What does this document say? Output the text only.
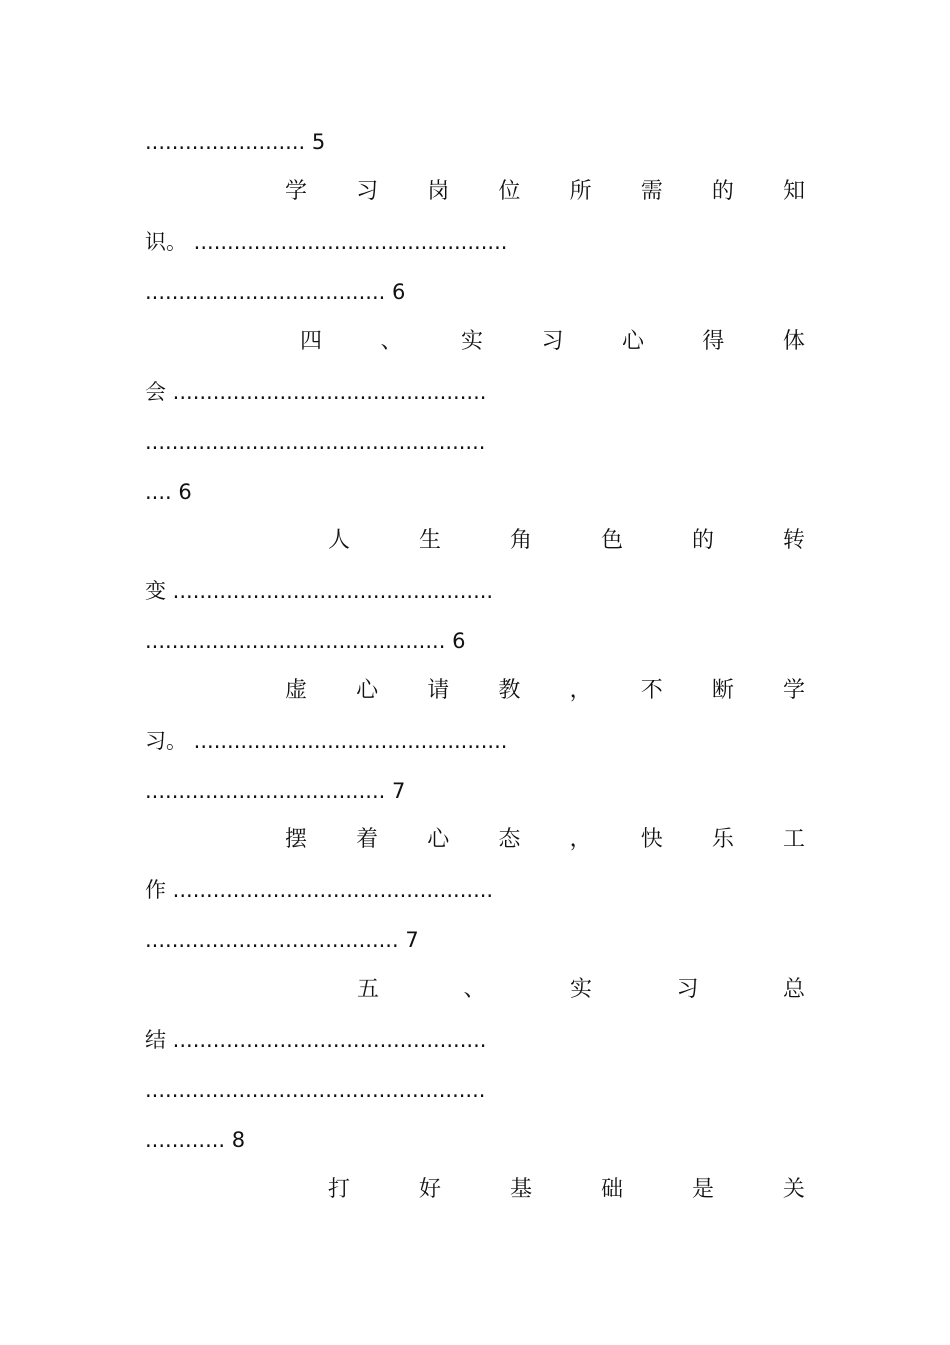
........................ 5
学 习 岗 位 所 需 的 知
识。 ...............................................
.................................... 6
四	、	实	习	心	得	体
会 ...............................................
...................................................
.... 6
人	生	角	色	的	转
变 ................................................
............................................. 6
虚 心 请 教 ， 不 断 学
习。 ...............................................
.................................... 7
摆 着 心 态 ， 快 乐 工
作 ................................................
...................................... 7
五	、	实	习	总
结 ...............................................
...................................................
............ 8
打	好	基	础	是	关
